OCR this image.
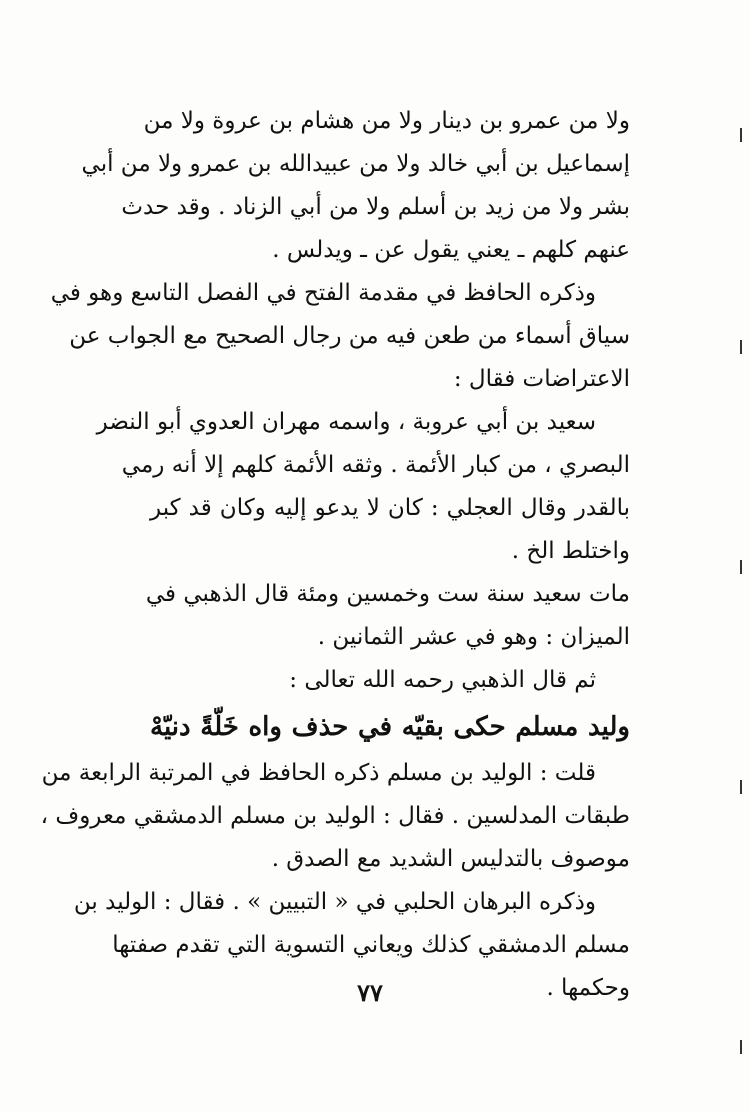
ولا من عمرو بن دينار ولا من هشام بن عروة ولا من
إسماعيل بن أبي خالد ولا من عبيدالله بن عمرو ولا من أبي
بشر ولا من زيد بن أسلم ولا من أبي الزناد . وقد حدث
عنهم كلهم ـ يعني يقول عن ـ ويدلس .
وذكره الحافظ في مقدمة الفتح في الفصل التاسع وهو في
سياق أسماء من طعن فيه من رجال الصحيح مع الجواب عن
الاعتراضات فقال :
سعيد بن أبي عروبة ، واسمه مهران العدوي أبو النضر
البصري ، من كبار الأئمة . وثقه الأئمة كلهم إلا أنه رمي
بالقدر وقال العجلي : كان لا يدعو إليه وكان قد كبر
واختلط الخ .
مات سعيد سنة ست وخمسين ومئة قال الذهبي في
الميزان : وهو في عشر الثمانين .
ثم قال الذهبي رحمه الله تعالى :
وليد مسلم حكى بقيّه في حذف واه خَلّةً دنيّهْ
قلت : الوليد بن مسلم ذكره الحافظ في المرتبة الرابعة من
طبقات المدلسين . فقال : الوليد بن مسلم الدمشقي معروف ،
موصوف بالتدليس الشديد مع الصدق .
وذكره البرهان الحلبي في « التبيين » . فقال : الوليد بن
مسلم الدمشقي كذلك ويعاني التسوية التي تقدم صفتها
وحكمها .
٧٧
